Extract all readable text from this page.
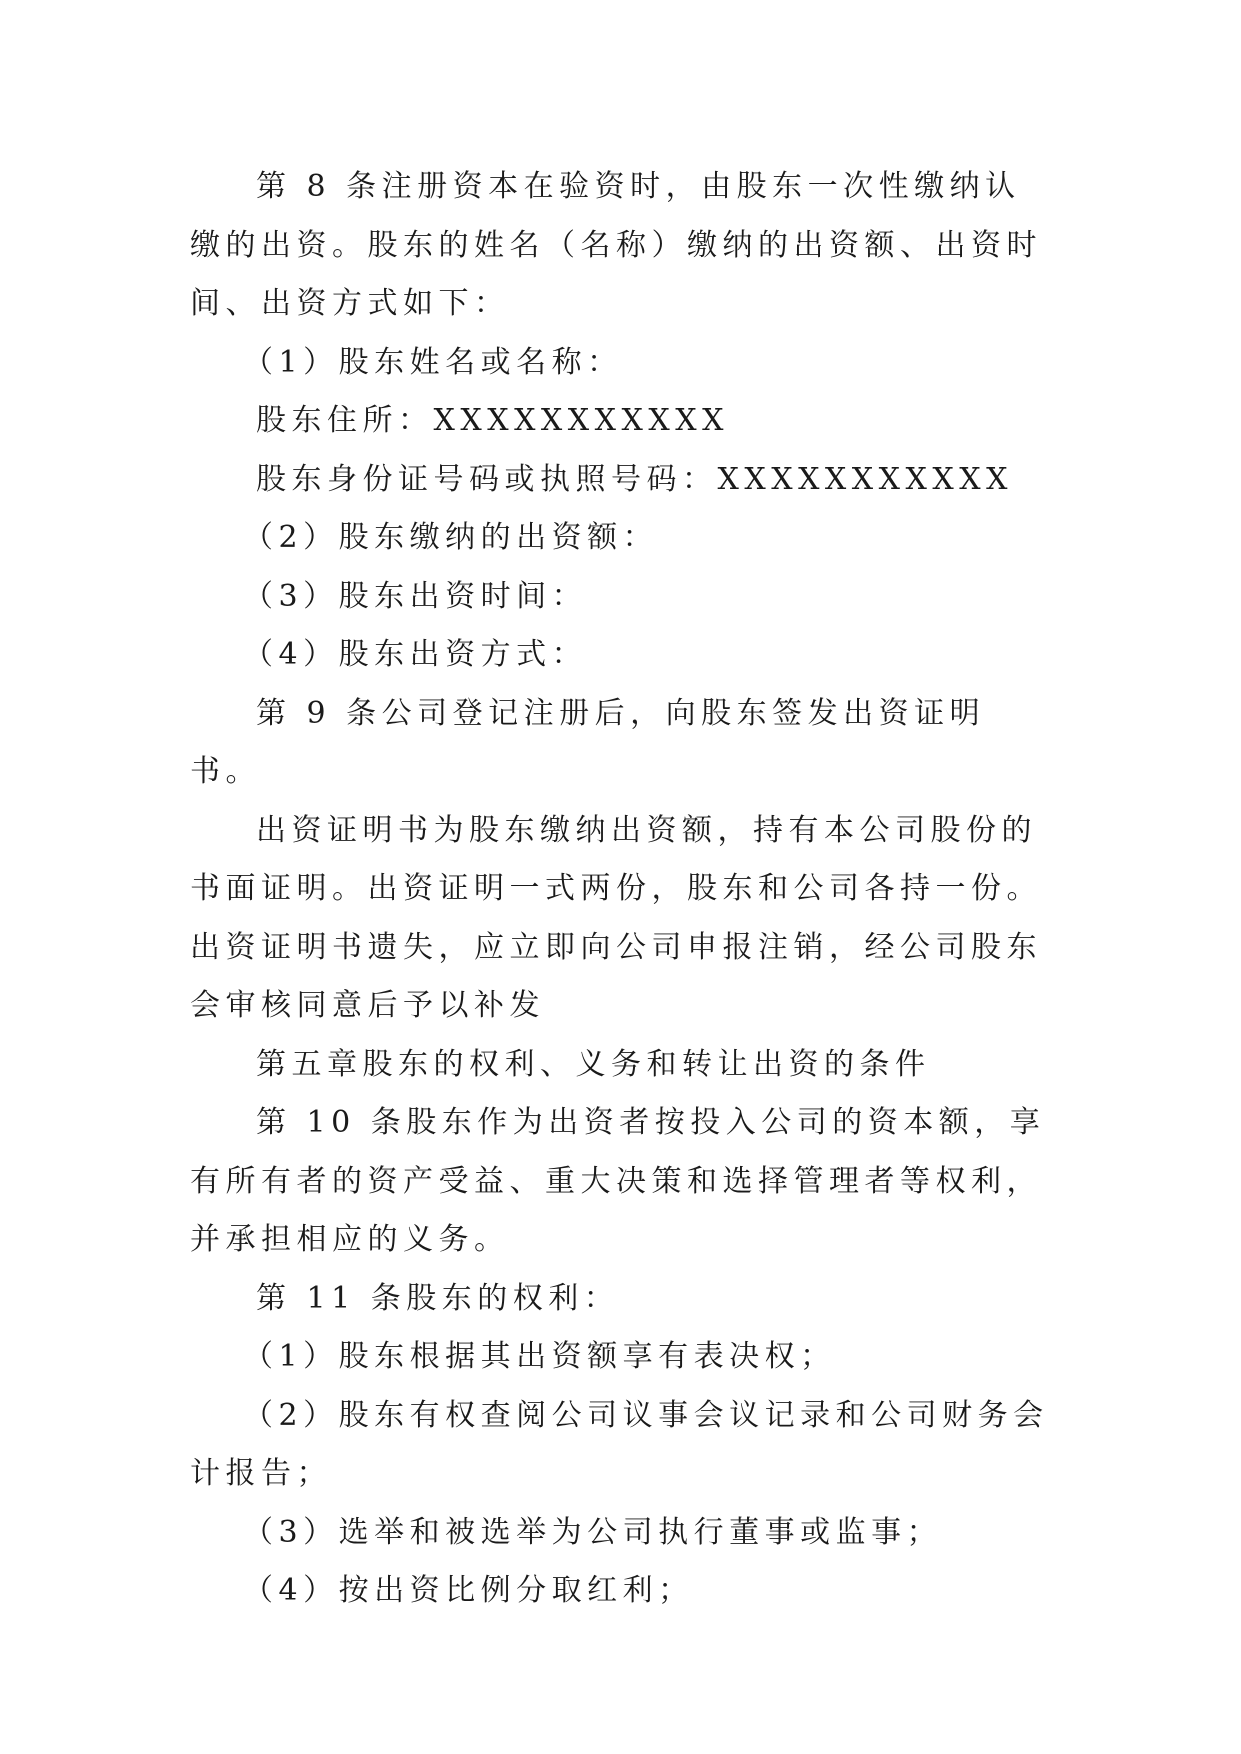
第 8 条注册资本在验资时，由股东一次性缴纳认缴的出资。股东的姓名（名称）缴纳的出资额、出资时间、出资方式如下：

（1）股东姓名或名称：

股东住所：XXXXXXXXXXX

股东身份证号码或执照号码：XXXXXXXXXXX

（2）股东缴纳的出资额：

（3）股东出资时间：

（4）股东出资方式：

第 9 条公司登记注册后，向股东签发出资证明书。

出资证明书为股东缴纳出资额，持有本公司股份的书面证明。出资证明一式两份，股东和公司各持一份。出资证明书遗失，应立即向公司申报注销，经公司股东会审核同意后予以补发

第五章股东的权利、义务和转让出资的条件

第 10 条股东作为出资者按投入公司的资本额，享有所有者的资产受益、重大决策和选择管理者等权利，并承担相应的义务。

第 11 条股东的权利：

（1）股东根据其出资额享有表决权；

（2）股东有权查阅公司议事会议记录和公司财务会计报告；

（3）选举和被选举为公司执行董事或监事；

（4）按出资比例分取红利；
